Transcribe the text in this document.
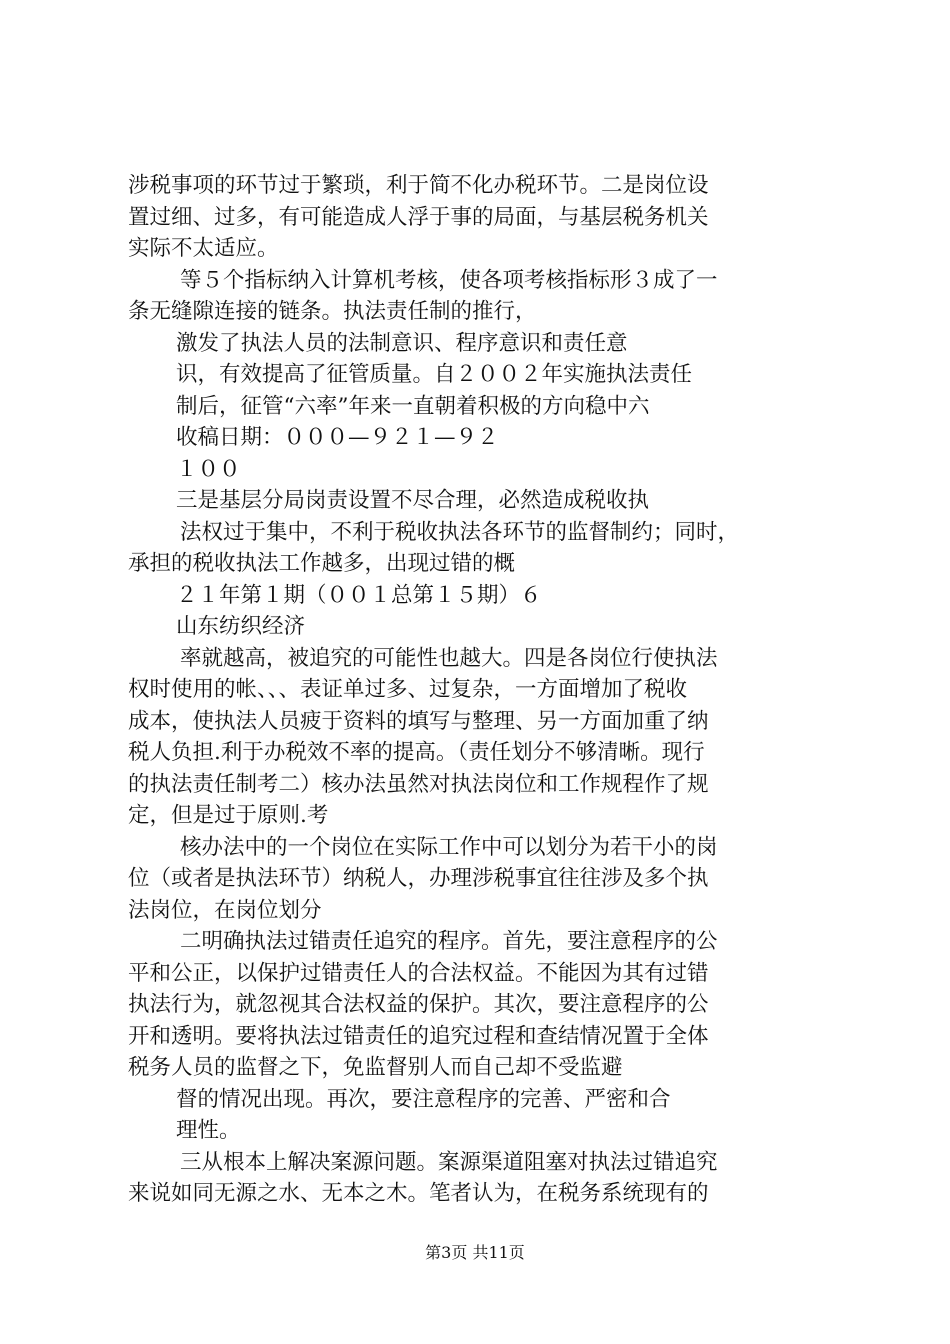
涉税事项的环节过于繁琐，利于简不化办税环节。二是岗位设
置过细、过多，有可能造成人浮于事的局面，与基层税务机关
实际不太适应。
等５个指标纳入计算机考核，使各项考核指标形３成了一
条无缝隙连接的链条。执法责任制的推行，
激发了执法人员的法制意识、程序意识和责任意
识，有效提高了征管质量。自２００２年实施执法责任
制后，征管“六率”年来一直朝着积极的方向稳中六
收稿日期：０００—９２１—９２
１００
三是基层分局岗责设置不尽合理，必然造成税收执
法权过于集中，不利于税收执法各环节的监督制约；同时，
承担的税收执法工作越多，出现过错的概
２１年第１期（００１总第１５期）６
山东纺织经济
率就越高，被追究的可能性也越大。四是各岗位行使执法
权时使用的帐、、、表证单过多、过复杂，一方面增加了税收
成本，使执法人员疲于资料的填写与整理、另一方面加重了纳
税人负担.利于办税效不率的提高。（责任划分不够清晰。现行
的执法责任制考二）核办法虽然对执法岗位和工作规程作了规
定，但是过于原则.考
核办法中的一个岗位在实际工作中可以划分为若干小的岗
位（或者是执法环节）纳税人，办理涉税事宜往往涉及多个执
法岗位，在岗位划分
二明确执法过错责任追究的程序。首先，要注意程序的公
平和公正，以保护过错责任人的合法权益。不能因为其有过错
执法行为，就忽视其合法权益的保护。其次，要注意程序的公
开和透明。要将执法过错责任的追究过程和查结情况置于全体
税务人员的监督之下，免监督别人而自己却不受监避
督的情况出现。再次，要注意程序的完善、严密和合
理性。
三从根本上解决案源问题。案源渠道阻塞对执法过错追究
来说如同无源之水、无本之木。笔者认为，在税务系统现有的
第3页 共11页
